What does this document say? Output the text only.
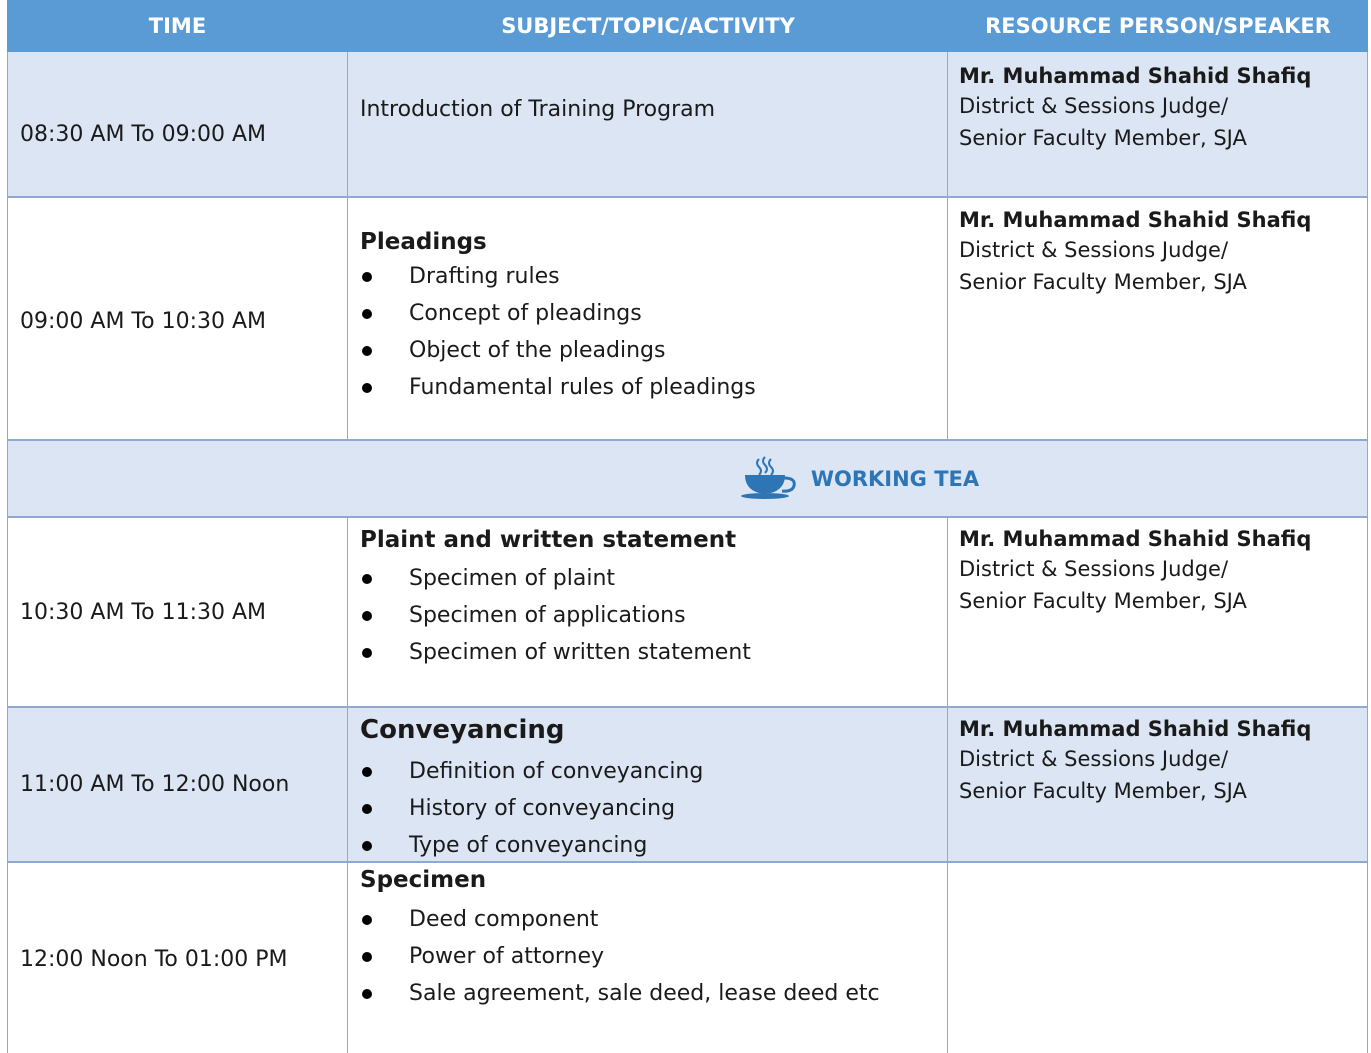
TIME	SUBJECT/TOPIC/ACTIVITY	RESOURCE PERSON/SPEAKER
08:30 AM To 09:00 AM
Introduction of Training Program
Mr. Muhammad Shahid Shafiq
District & Sessions Judge/
Senior Faculty Member, SJA
09:00 AM To 10:30 AM
Pleadings
Drafting rules
Concept of pleadings
Object of the pleadings
Fundamental rules of pleadings
Mr. Muhammad Shahid Shafiq
District & Sessions Judge/
Senior Faculty Member, SJA
WORKING TEA
10:30 AM To 11:30 AM
Plaint and written statement
Specimen of plaint
Specimen of applications
Specimen of written statement
Mr. Muhammad Shahid Shafiq
District & Sessions Judge/
Senior Faculty Member, SJA
11:00 AM To 12:00 Noon
Conveyancing
Definition of conveyancing
History of conveyancing
Type of conveyancing
Mr. Muhammad Shahid Shafiq
District & Sessions Judge/
Senior Faculty Member, SJA
12:00 Noon To 01:00 PM
Specimen
Deed component
Power of attorney
Sale agreement, sale deed, lease deed etc
